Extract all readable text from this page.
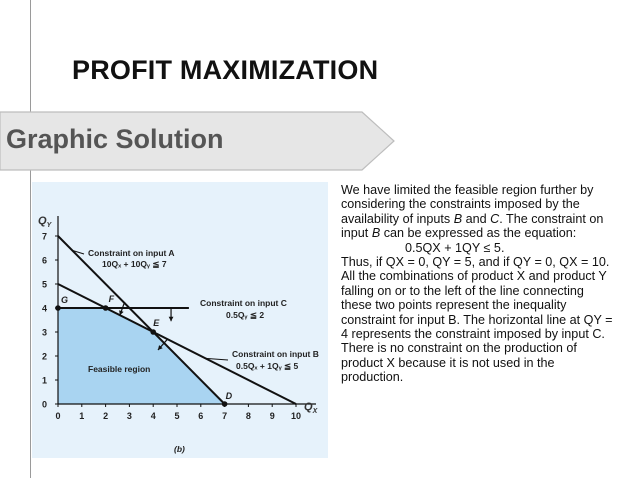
PROFIT MAXIMIZATION
Graphic Solution
0
1
2
3
4
5
6
7
0 1 2 3 4 5 6 7 8 9 10
G	F
E
D
$Q_Y$
$Q_X$
Constraint on input A
10Qₓ + 10Qᵧ ≦ 7
Constraint on input C
0.5Qᵧ ≦ 2
Constraint on input B
0.5Qₓ + 1Qᵧ ≦ 5
Feasible region
(b)

We have limited the feasible region further by considering the constraints imposed by the availability of inputs B and C. The constraint on input B can be expressed as the equation:

0.5QX + 1QY ≤ 5.

Thus, if QX = 0, QY = 5, and if QY = 0, QX = 10. All the combinations of product X and product Y falling on or to the left of the line connecting these two points represent the inequality constraint for input B. The horizontal line at QY = 4 represents the constraint imposed by input C.

There is no constraint on the production of product X because it is not used in the production.
